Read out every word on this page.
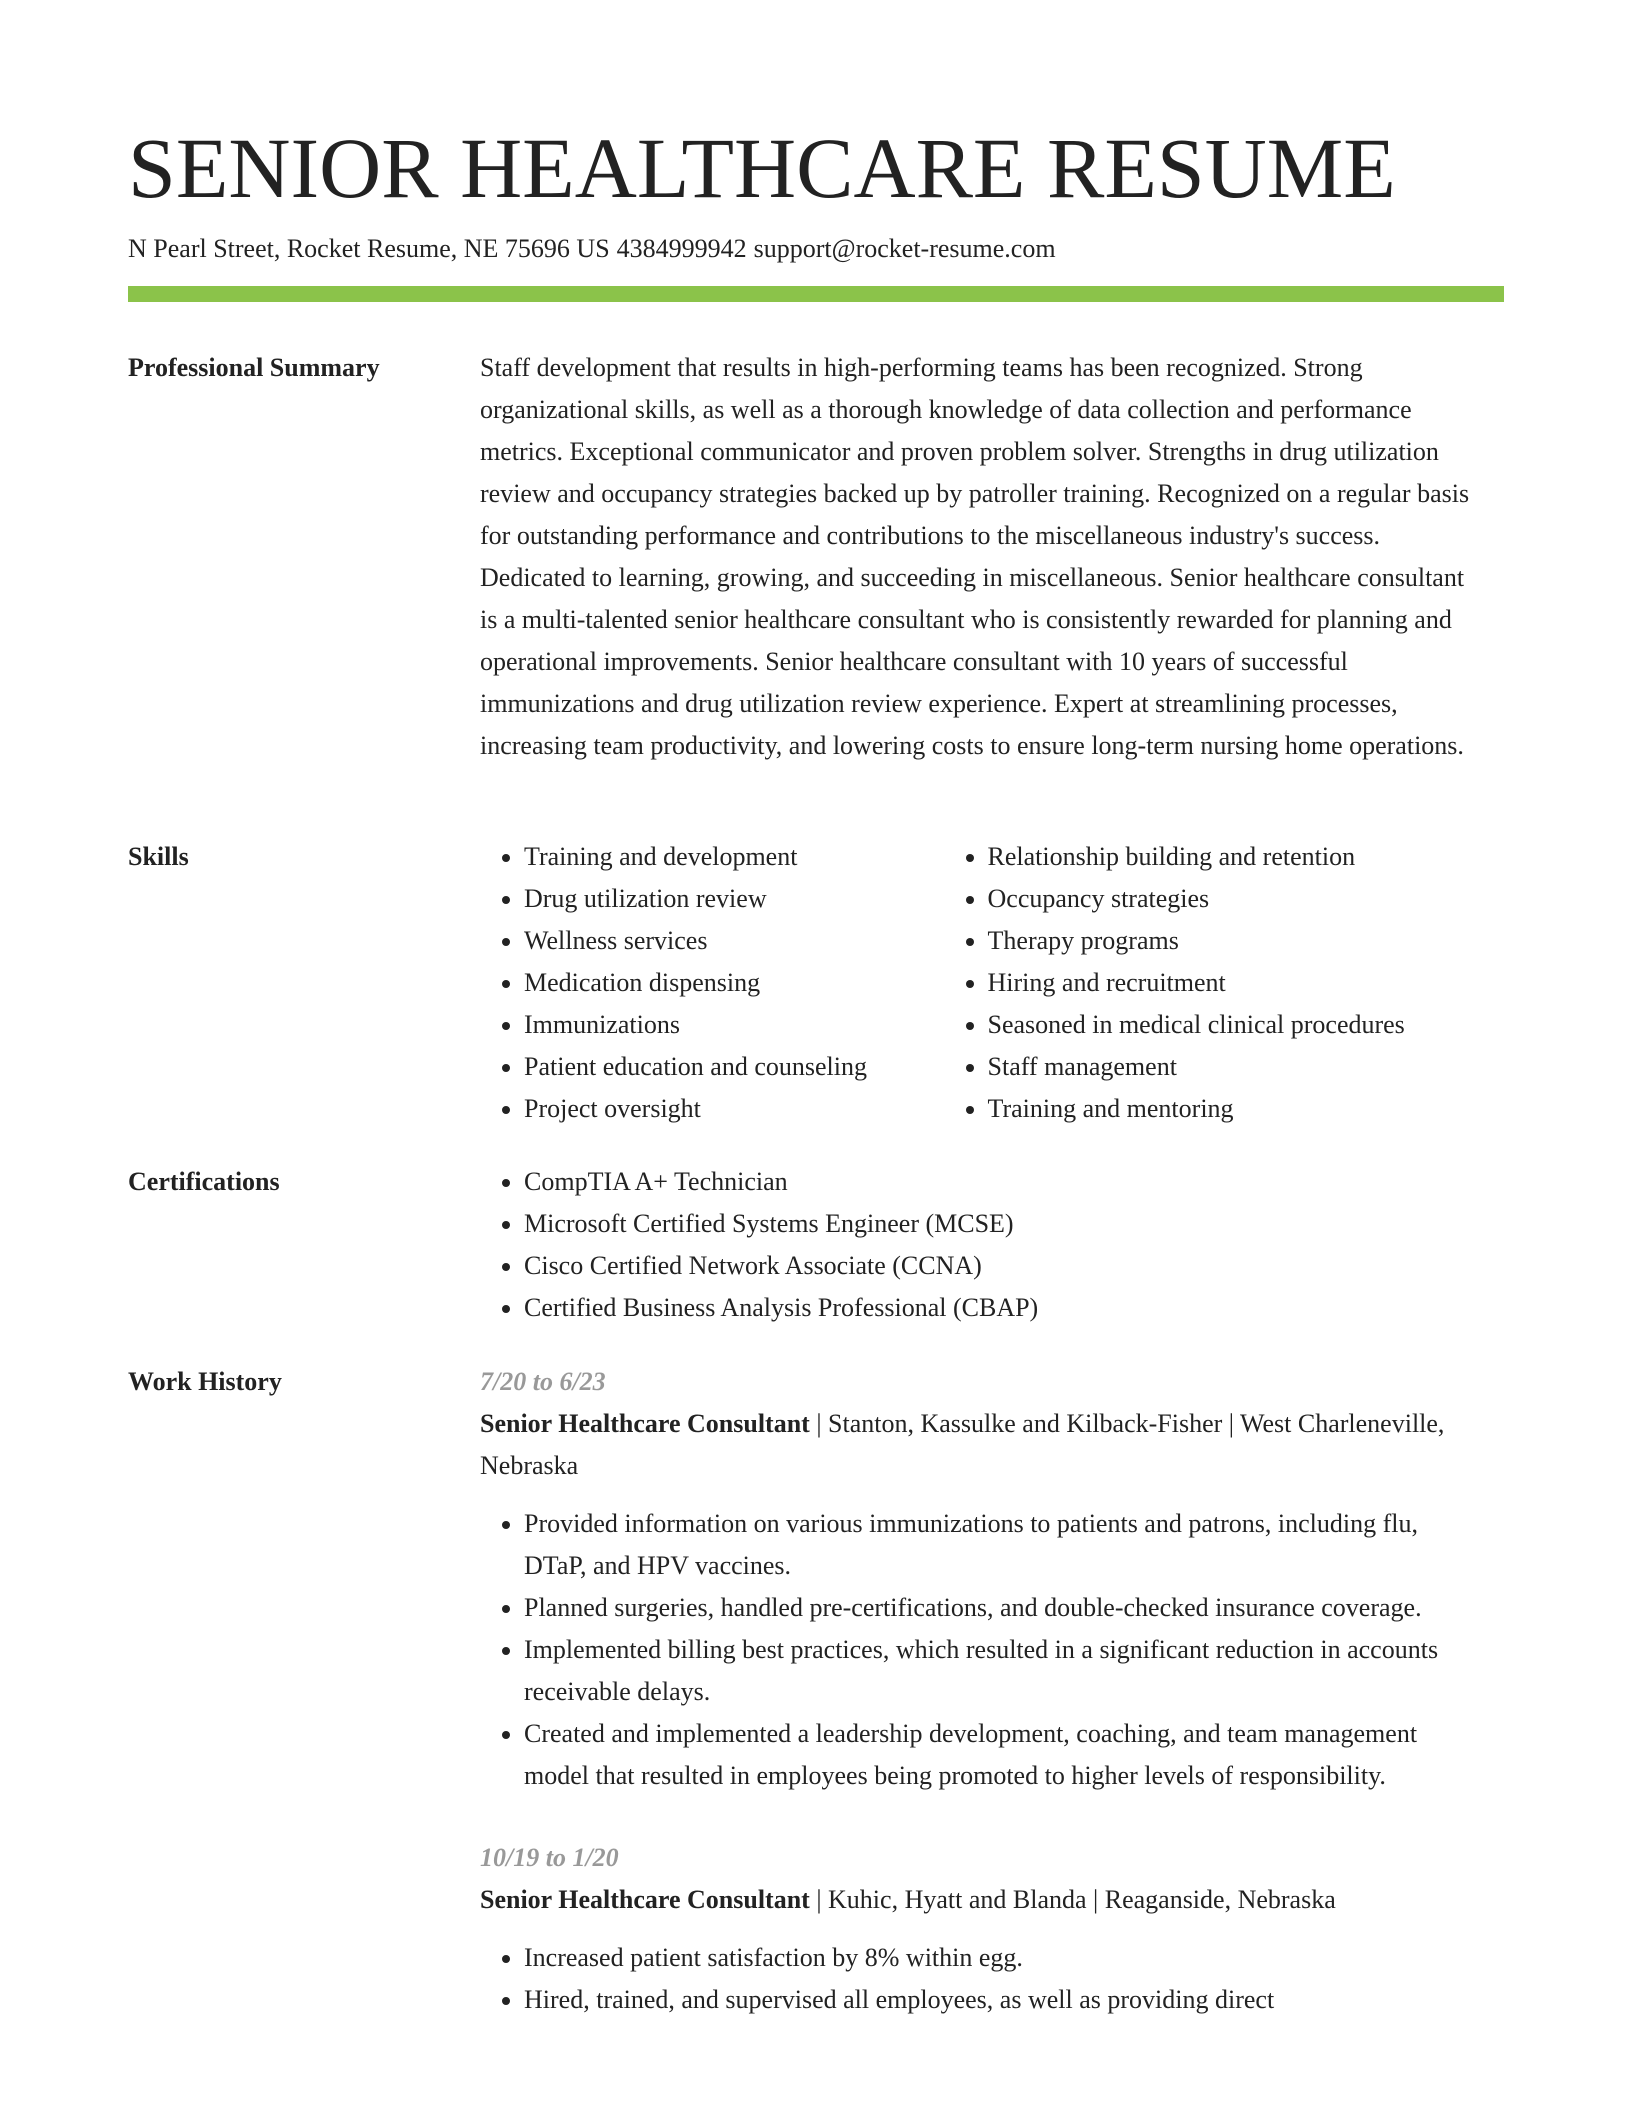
SENIOR HEALTHCARE RESUME
N Pearl Street, Rocket Resume, NE 75696 US 4384999942 support@rocket-resume.com
Professional Summary	Staff development that results in high-performing teams has been recognized. Strong organizational skills, as well as a thorough knowledge of data collection and performance metrics. Exceptional communicator and proven problem solver. Strengths in drug utilization review and occupancy strategies backed up by patroller training. Recognized on a regular basis for outstanding performance and contributions to the miscellaneous industry's success. Dedicated to learning, growing, and succeeding in miscellaneous. Senior healthcare consultant is a multi-talented senior healthcare consultant who is consistently rewarded for planning and operational improvements. Senior healthcare consultant with 10 years of successful immunizations and drug utilization review experience. Expert at streamlining processes, increasing team productivity, and lowering costs to ensure long-term nursing home operations.

Skills	• Training and development
• Drug utilization review
• Wellness services
• Medication dispensing
• Immunizations
• Patient education and counseling
• Project oversight
• Relationship building and retention
• Occupancy strategies
• Therapy programs
• Hiring and recruitment
• Seasoned in medical clinical procedures
• Staff management
• Training and mentoring
Certifications	• CompTIA A+ Technician
• Microsoft Certified Systems Engineer (MCSE)
• Cisco Certified Network Associate (CCNA)
• Certified Business Analysis Professional (CBAP)
Work History	7/20 to 6/23
Senior Healthcare Consultant | Stanton, Kassulke and Kilback-Fisher | West Charleneville, Nebraska
• Provided information on various immunizations to patients and patrons, including flu, DTaP, and HPV vaccines.
• Planned surgeries, handled pre-certifications, and double-checked insurance coverage.
• Implemented billing best practices, which resulted in a significant reduction in accounts receivable delays.
• Created and implemented a leadership development, coaching, and team management model that resulted in employees being promoted to higher levels of responsibility.
10/19 to 1/20
Senior Healthcare Consultant | Kuhic, Hyatt and Blanda | Reaganside, Nebraska
• Increased patient satisfaction by 8% within egg.
• Hired, trained, and supervised all employees, as well as providing direct
